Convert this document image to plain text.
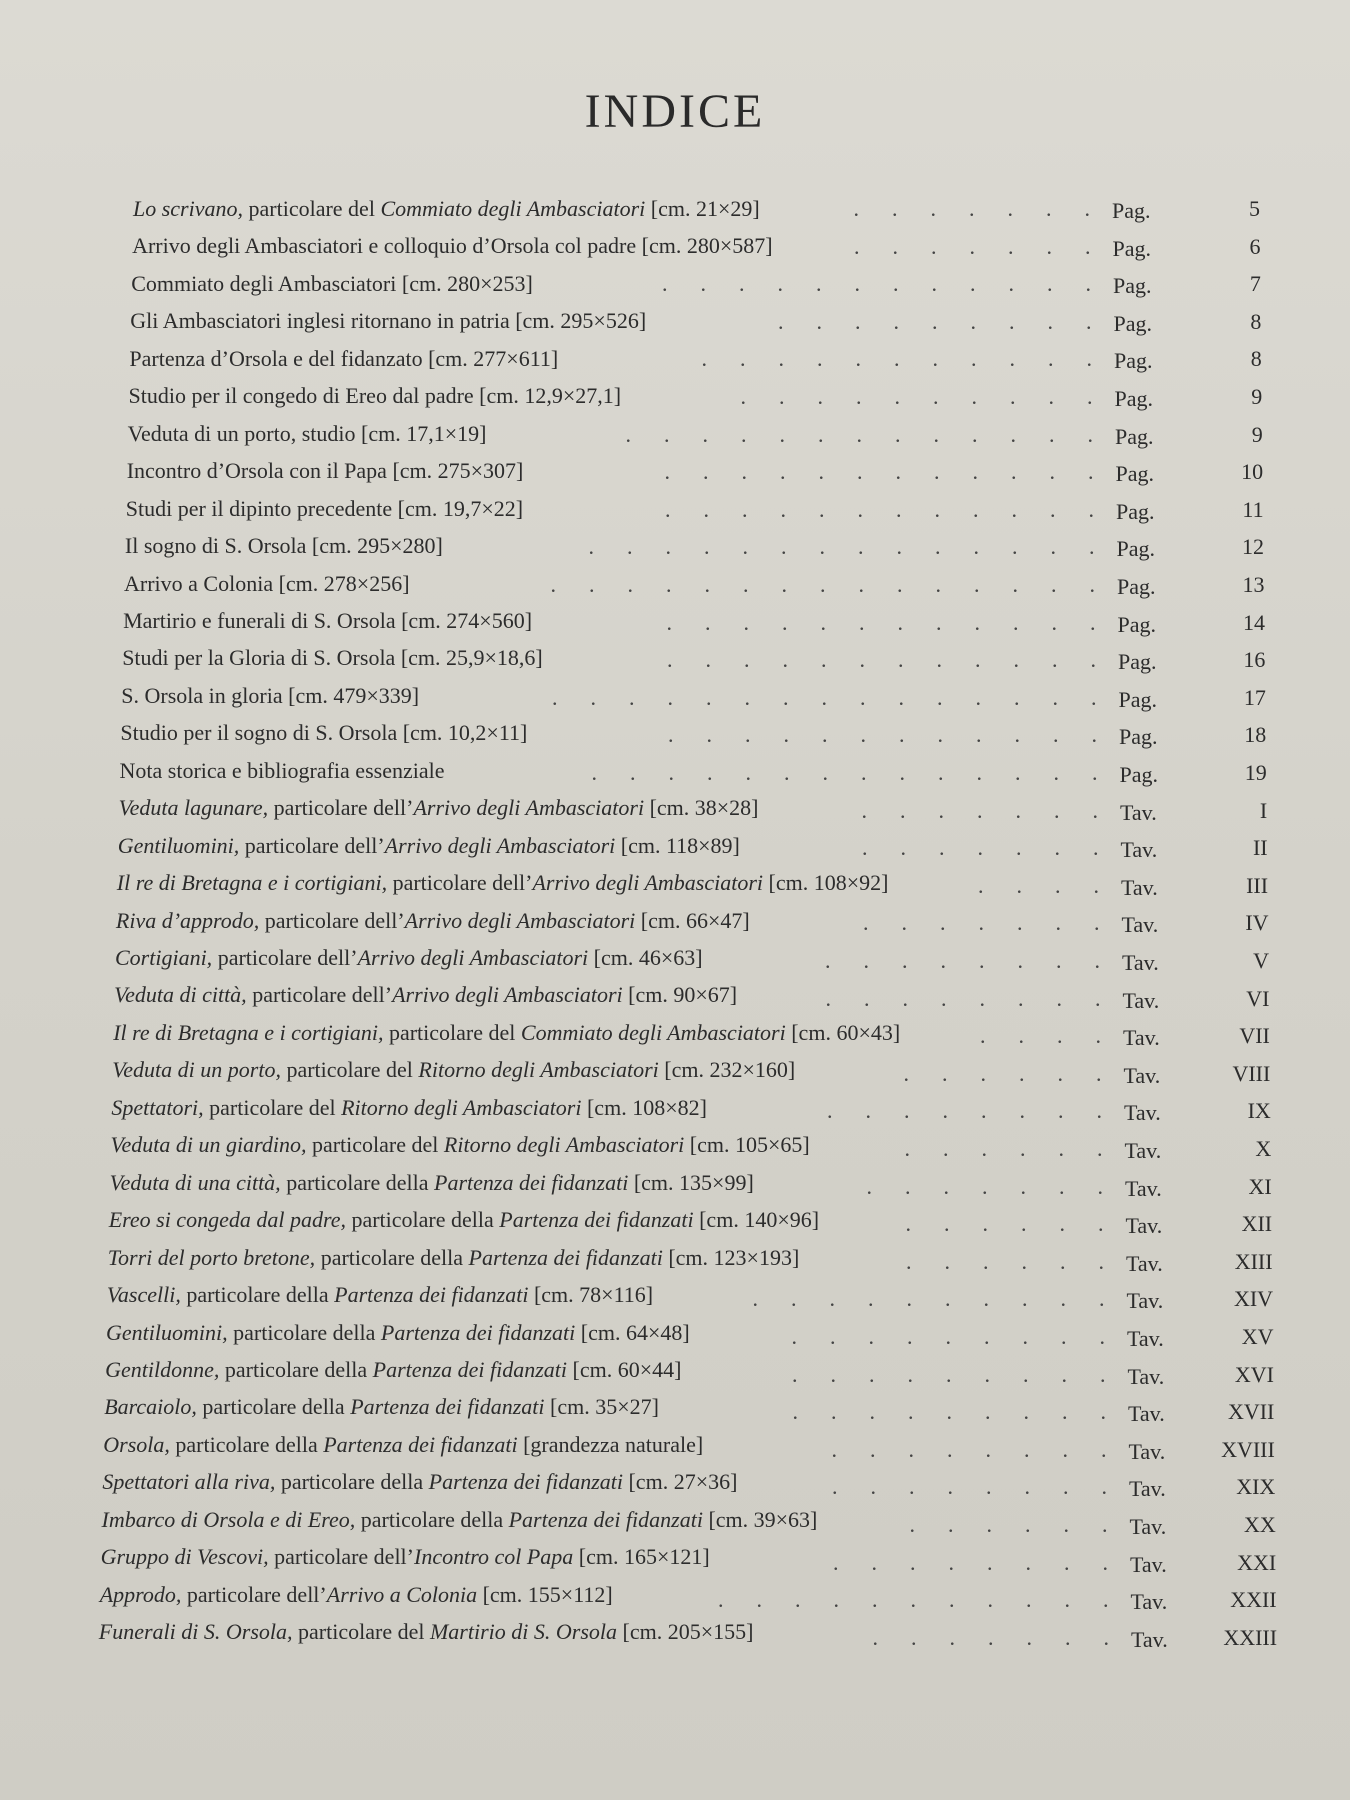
INDICE
Lo scrivano, particolare del Commiato degli Ambasciatori [cm. 21×29]	.  .  .  .  .  .  . Pag.	5
Arrivo degli Ambasciatori e colloquio d’Orsola col padre [cm. 280×587]	.  .  .  .  .  .  . Pag.	6
Commiato degli Ambasciatori [cm. 280×253]	.  .  .  .  .  .  .  .  .  .  .  . Pag.	7
Gli Ambasciatori inglesi ritornano in patria [cm. 295×526]	.  .  .  .  .  .  .  .  . Pag.	8
Partenza d’Orsola e del fidanzato [cm. 277×611]	.  .  .  .  .  .  .  .  .  .  . Pag.	8
Studio per il congedo di Ereo dal padre [cm. 12,9×27,1]	.  .  .  .  .  .  .  .  .  . Pag.	9
Veduta di un porto, studio [cm. 17,1×19]	.  .  .  .  .  .  .  .  .  .  .  .  . Pag.	9
Incontro d’Orsola con il Papa [cm. 275×307]	.  .  .  .  .  .  .  .  .  .  .  . Pag.	10
Studi per il dipinto precedente [cm. 19,7×22]	.  .  .  .  .  .  .  .  .  .  .  . Pag.	11
Il sogno di S. Orsola [cm. 295×280]	.  .  .  .  .  .  .  .  .  .  .  .  .  . Pag.	12
Arrivo a Colonia [cm. 278×256]	.  .  .  .  .  .  .  .  .  .  .  .  .  .  . Pag.	13
Martirio e funerali di S. Orsola [cm. 274×560]	.  .  .  .  .  .  .  .  .  .  .  . Pag.	14
Studi per la Gloria di S. Orsola [cm. 25,9×18,6]	.  .  .  .  .  .  .  .  .  .  .  . Pag.	16
S. Orsola in gloria [cm. 479×339]	.  .  .  .  .  .  .  .  .  .  .  .  .  .  . Pag.	17
Studio per il sogno di S. Orsola [cm. 10,2×11]	.  .  .  .  .  .  .  .  .  .  .  . Pag.	18
Nota storica e bibliografia essenziale	.  .  .  .  .  .  .  .  .  .  .  .  .  . Pag.	19
Veduta lagunare, particolare dell’Arrivo degli Ambasciatori [cm. 38×28]	.  .  .  .  .  .  . Tav.	I
Gentiluomini, particolare dell’Arrivo degli Ambasciatori [cm. 118×89]	.  .  .  .  .  .  . Tav.	II
Il re di Bretagna e i cortigiani, particolare dell’Arrivo degli Ambasciatori [cm. 108×92]	.  .  .  . Tav.	III
Riva d’approdo, particolare dell’Arrivo degli Ambasciatori [cm. 66×47]	.  .  .  .  .  .  . Tav.	IV
Cortigiani, particolare dell’Arrivo degli Ambasciatori [cm. 46×63]	.  .  .  .  .  .  .  . Tav.	V
Veduta di città, particolare dell’Arrivo degli Ambasciatori [cm. 90×67]	.  .  .  .  .  .  .  . Tav.	VI
Il re di Bretagna e i cortigiani, particolare del Commiato degli Ambasciatori [cm. 60×43]	.  .  .  . Tav.	VII
Veduta di un porto, particolare del Ritorno degli Ambasciatori [cm. 232×160]	.  .  .  .  .  . Tav.	VIII
Spettatori, particolare del Ritorno degli Ambasciatori [cm. 108×82]	.  .  .  .  .  .  .  . Tav.	IX
Veduta di un giardino, particolare del Ritorno degli Ambasciatori [cm. 105×65]	.  .  .  .  .  . Tav.	X
Veduta di una città, particolare della Partenza dei fidanzati [cm. 135×99]	.  .  .  .  .  .  . Tav.	XI
Ereo si congeda dal padre, particolare della Partenza dei fidanzati [cm. 140×96]	.  .  .  .  .  . Tav.	XII
Torri del porto bretone, particolare della Partenza dei fidanzati [cm. 123×193]	.  .  .  .  .  . Tav.	XIII
Vascelli, particolare della Partenza dei fidanzati [cm. 78×116]	.  .  .  .  .  .  .  .  .  . Tav.	XIV
Gentiluomini, particolare della Partenza dei fidanzati [cm. 64×48]	.  .  .  .  .  .  .  .  . Tav.	XV
Gentildonne, particolare della Partenza dei fidanzati [cm. 60×44]	.  .  .  .  .  .  .  .  . Tav.	XVI
Barcaiolo, particolare della Partenza dei fidanzati [cm. 35×27]	.  .  .  .  .  .  .  .  . Tav.	XVII
Orsola, particolare della Partenza dei fidanzati [grandezza naturale]	.  .  .  .  .  .  .  . Tav.	XVIII
Spettatori alla riva, particolare della Partenza dei fidanzati [cm. 27×36]	.  .  .  .  .  .  .  . Tav.	XIX
Imbarco di Orsola e di Ereo, particolare della Partenza dei fidanzati [cm. 39×63]	.  .  .  .  .  . Tav.	XX
Gruppo di Vescovi, particolare dell’Incontro col Papa [cm. 165×121]	.  .  .  .  .  .  .  . Tav.	XXI
Approdo, particolare dell’Arrivo a Colonia [cm. 155×112]	.  .  .  .  .  .  .  .  .  .  . Tav.	XXII
Funerali di S. Orsola, particolare del Martirio di S. Orsola [cm. 205×155]	.  .  .  .  .  .  . Tav.	XXIII
